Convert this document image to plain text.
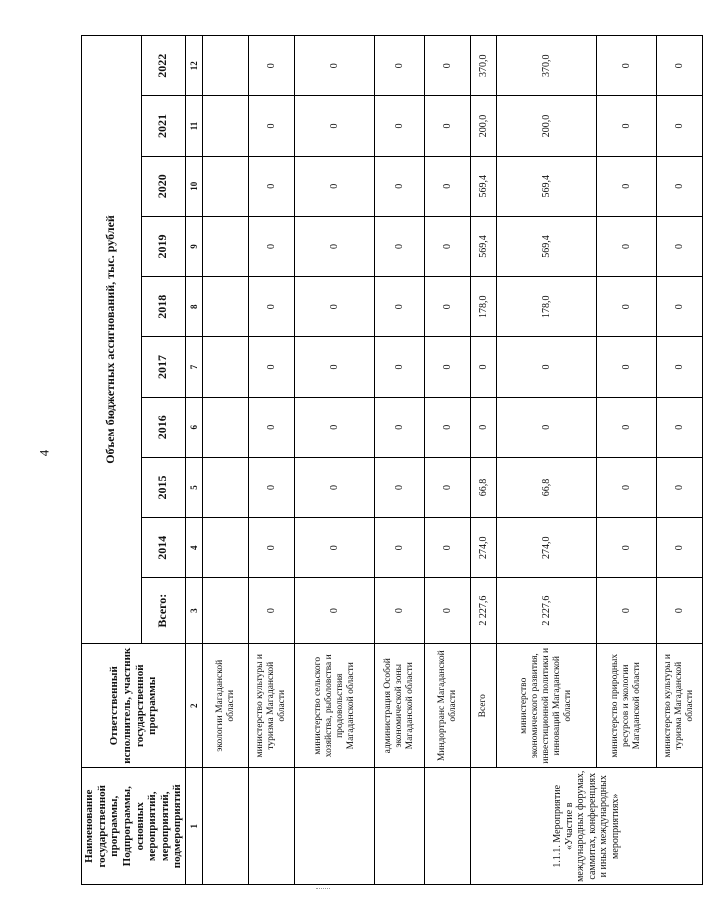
4
Наименование государственной программы, Подпрограммы, основных мероприятий, мероприятий, подмероприятий	Ответственный исполнитель, участник государственной программы	Объем бюджетных ассигнований, тыс. рублей									
		Всего:	2014	2015	2016	2017	2018	2019	2020	2021	2022
1	2	3	4	5	6	7	8	9	10	11	12
	экологии Магаданской области										
	министерство культуры и туризма Магаданской области	0	0	0	0	0	0	0	0	0	0
	министерство сельского хозяйства, рыболовства и продовольствия Магаданской области	0	0	0	0	0	0	0	0	0	0
	администрация Особой экономической зоны Магаданской области	0	0	0	0	0	0	0	0	0	0
	Миндортранс Магаданской области	0	0	0	0	0	0	0	0	0	0
1.1.1. Мероприятие «Участие в международных форумах, саммитах, конференциях и иных международных мероприятиях»	Всего	2 227,6	274,0	66,8	0	0	178,0	569,4	569,4	200,0	370,0
	министерство экономического развития, инвестиционной политики и инноваций Магаданской области	2 227,6	274,0	66,8	0	0	178,0	569,4	569,4	200,0	370,0
	министерство природных ресурсов и экологии Магаданской области	0	0	0	0	0	0	0	0	0	0
	министерство культуры и туризма Магаданской области	0	0	0	0	0	0	0	0	0	0
